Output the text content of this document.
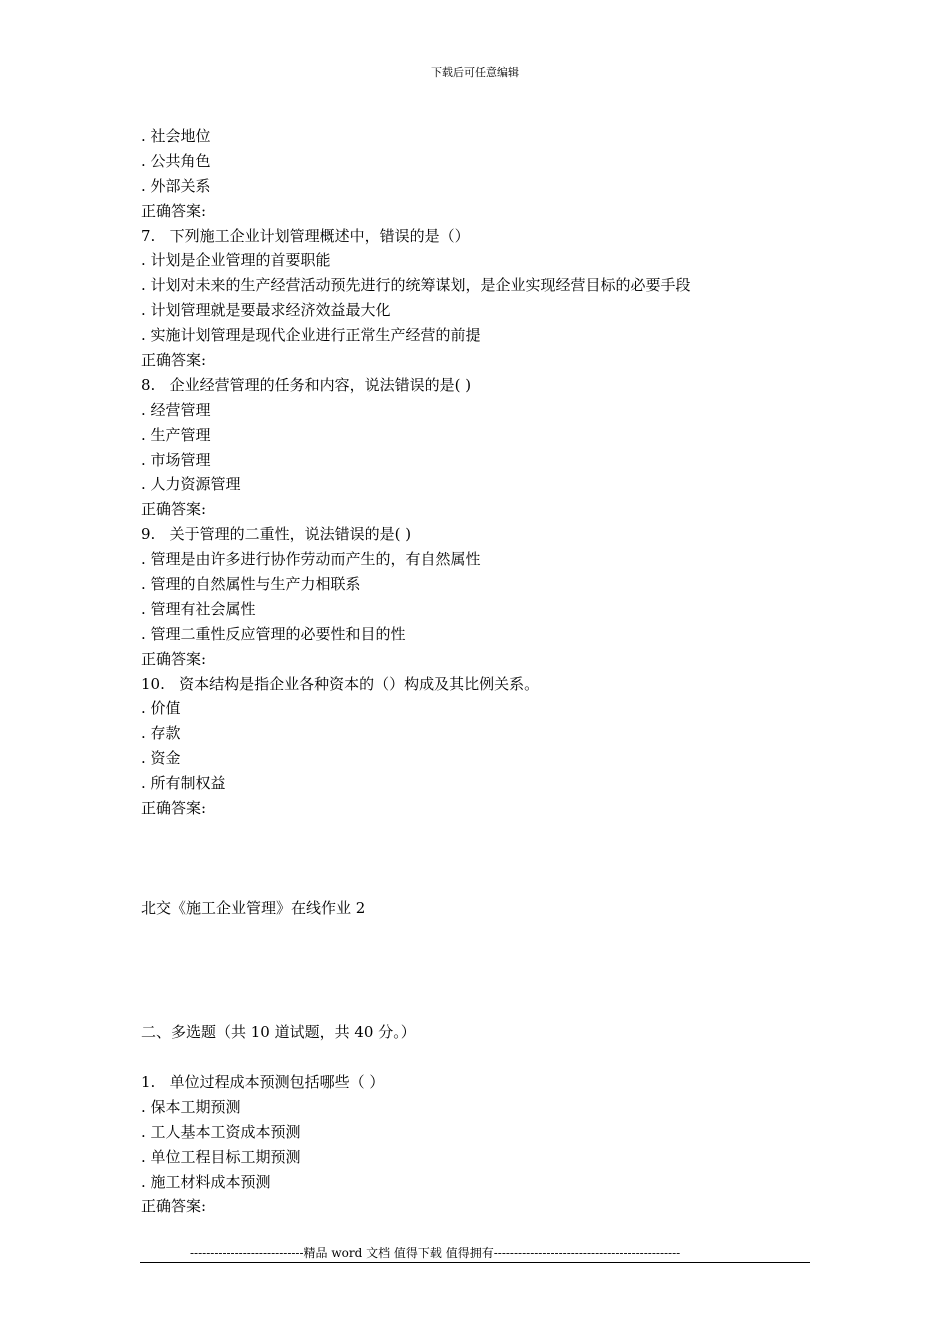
下载后可任意编辑
. 社会地位
. 公共角色
. 外部关系
正确答案:
7.   下列施工企业计划管理概述中，错误的是（）
. 计划是企业管理的首要职能
. 计划对未来的生产经营活动预先进行的统筹谋划，是企业实现经营目标的必要手段
. 计划管理就是要最求经济效益最大化
. 实施计划管理是现代企业进行正常生产经营的前提
正确答案:
8.   企业经营管理的任务和内容，说法错误的是( )
. 经营管理
. 生产管理
. 市场管理
. 人力资源管理
正确答案:
9.   关于管理的二重性，说法错误的是( )
. 管理是由许多进行协作劳动而产生的，有自然属性
. 管理的自然属性与生产力相联系
. 管理有社会属性
. 管理二重性反应管理的必要性和目的性
正确答案:
10.   资本结构是指企业各种资本的（）构成及其比例关系。
. 价值
. 存款
. 资金
. 所有制权益
正确答案:
北交《施工企业管理》在线作业 2
二、多选题（共 10 道试题，共 40 分。）
1.   单位过程成本预测包括哪些（ ）
. 保本工期预测
. 工人基本工资成本预测
. 单位工程目标工期预测
. 施工材料成本预测
正确答案:
----------------------------精品 word 文档 值得下载 值得拥有----------------------------------------------
